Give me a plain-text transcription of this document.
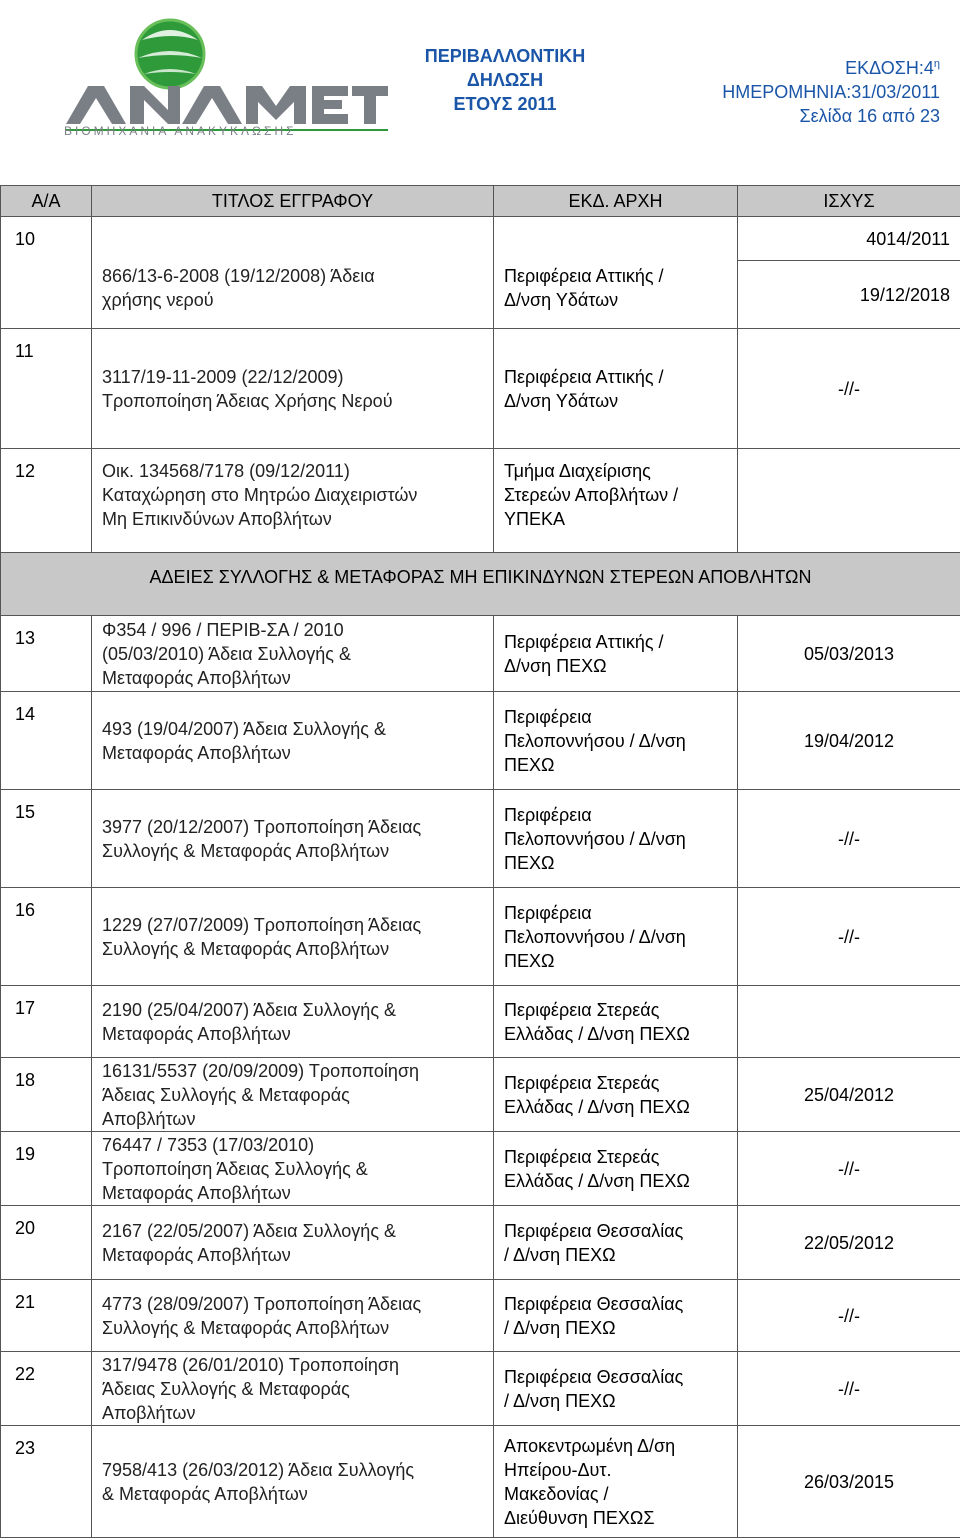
ΒΙΟΜΗΧΑΝΙΑ ΑΝΑΚΥΚΛΩΣΗΣ
ΠΕΡΙΒΑΛΛΟΝΤΙΚΗ
ΔΗΛΩΣΗ
ΕΤΟΥΣ 2011
$EK\Delta O\Sigma H:4^\eta$
ΗΜΕΡΟΜΗΝΙΑ:31/03/2011
Σελίδα 16 από 23
Α/Α	ΤΙΤΛΟΣ ΕΓΓΡΑΦΟΥ	ΕΚΔ. ΑΡΧΗ	ΙΣΧΥΣ
10	866/13-6-2008 (19/12/2008) Άδεια
χρήσης νερού	Περιφέρεια Αττικής /
Δ/νση Υδάτων	4014/2011
			19/12/2018
11	3117/19-11-2009 (22/12/2009)
Τροποποίηση Άδειας Χρήσης Νερού	Περιφέρεια Αττικής /
Δ/νση Υδάτων	-//-
12	Οικ. 134568/7178 (09/12/2011)
Καταχώρηση στο Μητρώο Διαχειριστών
Μη Επικινδύνων Αποβλήτων	Τμήμα Διαχείρισης
Στερεών Αποβλήτων /
ΥΠΕΚΑ	
ΑΔΕΙΕΣ ΣΥΛΛΟΓΗΣ & ΜΕΤΑΦΟΡΑΣ ΜΗ ΕΠΙΚΙΝΔΥΝΩΝ ΣΤΕΡΕΩΝ ΑΠΟΒΛΗΤΩΝ			
13	Φ354 / 996 / ΠΕΡΙΒ-ΣΑ / 2010
(05/03/2010) Άδεια Συλλογής &
Μεταφοράς Αποβλήτων	Περιφέρεια Αττικής /
Δ/νση ΠΕΧΩ	05/03/2013
14	493 (19/04/2007) Άδεια Συλλογής &
Μεταφοράς Αποβλήτων	Περιφέρεια
Πελοποννήσου / Δ/νση
ΠΕΧΩ	19/04/2012
15	3977 (20/12/2007) Τροποποίηση Άδειας
Συλλογής & Μεταφοράς Αποβλήτων	Περιφέρεια
Πελοποννήσου / Δ/νση
ΠΕΧΩ	-//-
16	1229 (27/07/2009) Τροποποίηση Άδειας
Συλλογής & Μεταφοράς Αποβλήτων	Περιφέρεια
Πελοποννήσου / Δ/νση
ΠΕΧΩ	-//-
17	2190 (25/04/2007) Άδεια Συλλογής &
Μεταφοράς Αποβλήτων	Περιφέρεια Στερεάς
Ελλάδας / Δ/νση ΠΕΧΩ	
18	16131/5537 (20/09/2009) Τροποποίηση
Άδειας Συλλογής & Μεταφοράς
Αποβλήτων	Περιφέρεια Στερεάς
Ελλάδας / Δ/νση ΠΕΧΩ	25/04/2012
19	76447 / 7353 (17/03/2010)
Τροποποίηση Άδειας Συλλογής &
Μεταφοράς Αποβλήτων	Περιφέρεια Στερεάς
Ελλάδας / Δ/νση ΠΕΧΩ	-//-
20	2167 (22/05/2007) Άδεια Συλλογής &
Μεταφοράς Αποβλήτων	Περιφέρεια Θεσσαλίας
/ Δ/νση ΠΕΧΩ	22/05/2012
21	4773 (28/09/2007) Τροποποίηση Άδειας
Συλλογής & Μεταφοράς Αποβλήτων	Περιφέρεια Θεσσαλίας
/ Δ/νση ΠΕΧΩ	-//-
22	317/9478 (26/01/2010) Τροποποίηση
Άδειας Συλλογής & Μεταφοράς
Αποβλήτων	Περιφέρεια Θεσσαλίας
/ Δ/νση ΠΕΧΩ	-//-
23	7958/413 (26/03/2012) Άδεια Συλλογής
& Μεταφοράς Αποβλήτων	Αποκεντρωμένη Δ/ση
Ηπείρου-Δυτ.
Μακεδονίας /
Διεύθυνση ΠΕΧΩΣ	26/03/2015
